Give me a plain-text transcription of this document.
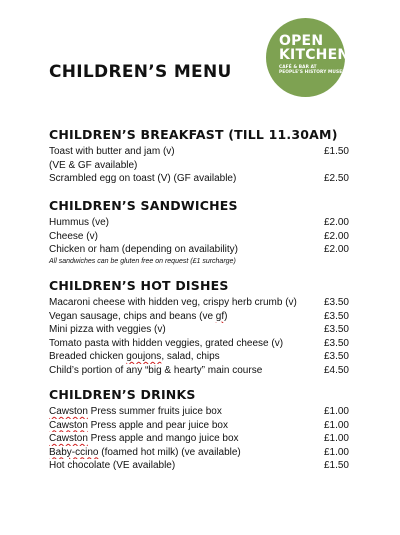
CHILDREN’S MENU
OPEN
KITCHEN
CAFÉ & BAR AT
PEOPLE’S HISTORY MUSEUM
CHILDREN’S BREAKFAST (TILL 11.30AM)
Toast with butter and jam (v)	£1.50
(VE & GF available)
Scrambled egg on toast (V) (GF available)	£2.50
CHILDREN’S SANDWICHES
Hummus (ve)	£2.00
Cheese (v)	£2.00
Chicken or ham (depending on availability)	£2.00
All sandwiches can be gluten free on request (£1 surcharge)
CHILDREN’S HOT DISHES
Macaroni cheese with hidden veg, crispy herb crumb (v)	£3.50
Vegan sausage, chips and beans (ve gf)	£3.50
Mini pizza with veggies (v)	£3.50
Tomato pasta with hidden veggies, grated cheese (v)	£3.50
Breaded chicken goujons, salad, chips	£3.50
Child’s portion of any “big & hearty” main course	£4.50
CHILDREN’S DRINKS
Cawston Press summer fruits juice box	£1.00
Cawston Press apple and pear juice box	£1.00
Cawston Press apple and mango juice box	£1.00
Baby-ccino (foamed hot milk) (ve available)	£1.00
Hot chocolate (VE available)	£1.50
